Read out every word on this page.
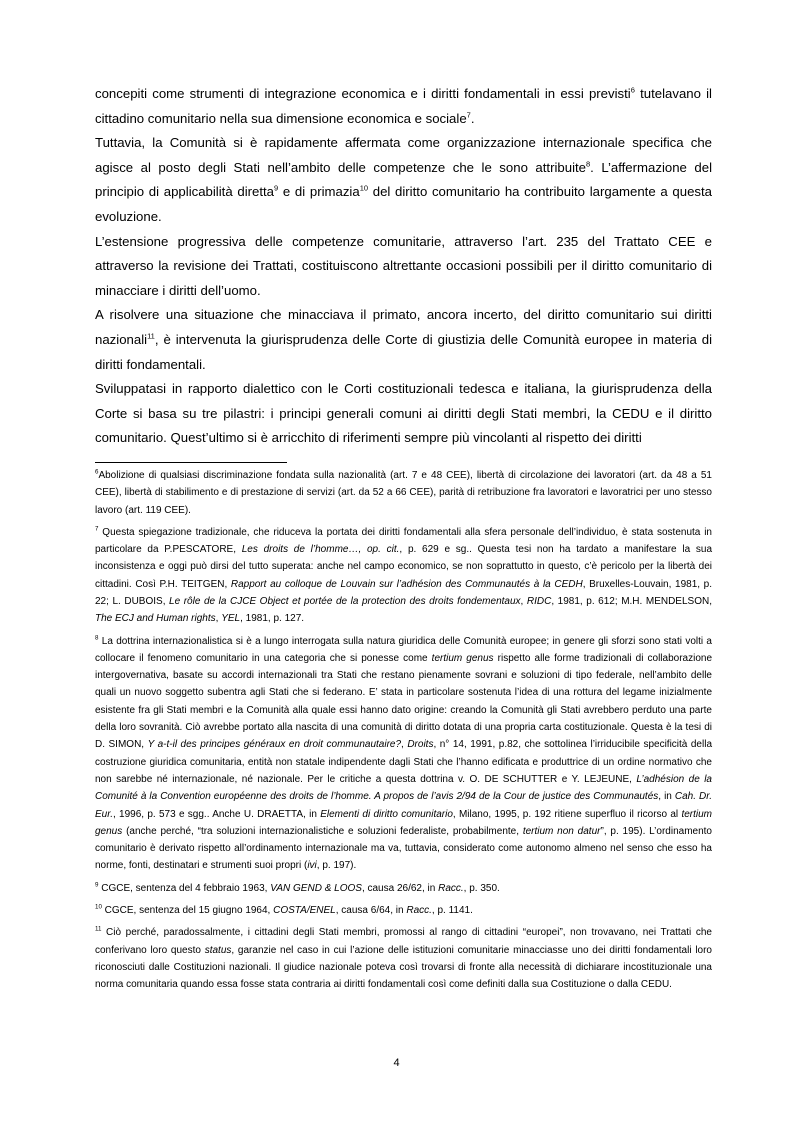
concepiti come strumenti di integrazione economica e i diritti fondamentali in essi previsti$^6$ tutelavano il cittadino comunitario nella sua dimensione economica e sociale$^7$.

Tuttavia, la Comunità si è rapidamente affermata come organizzazione internazionale specifica che agisce al posto degli Stati nell’ambito delle competenze che le sono attribuite$^8$. L’affermazione del principio di applicabilità diretta$^9$ e di primazia$^{10}$ del diritto comunitario ha contribuito largamente a questa evoluzione.

L’estensione progressiva delle competenze comunitarie, attraverso l’art. 235 del Trattato CEE e attraverso la revisione dei Trattati, costituiscono altrettante occasioni possibili per il diritto comunitario di minacciare i diritti dell’uomo.

A risolvere una situazione che minacciava il primato, ancora incerto, del diritto comunitario sui diritti nazionali$^{11}$, è intervenuta la giurisprudenza delle Corte di giustizia delle Comunità europee in materia di diritti fondamentali.

Sviluppatasi in rapporto dialettico con le Corti costituzionali tedesca e italiana, la giurisprudenza della Corte si basa su tre pilastri: i principi generali comuni ai diritti degli Stati membri, la CEDU e il diritto comunitario. Quest’ultimo si è arricchito di riferimenti sempre più vincolanti al rispetto dei diritti

$^6$Abolizione di qualsiasi discriminazione fondata sulla nazionalità (art. 7 e 48 CEE), libertà di circolazione dei lavoratori (art. da 48 a 51 CEE), libertà di stabilimento e di prestazione di servizi (art. da 52 a 66 CEE), parità di retribuzione fra lavoratori e lavoratrici per uno stesso lavoro (art. 119 CEE).

$^7$ Questa spiegazione tradizionale, che riduceva la portata dei diritti fondamentali alla sfera personale dell’individuo, è stata sostenuta in particolare da P.PESCATORE, Les droits de l’homme…, op. cit., p. 629 e sg.. Questa tesi non ha tardato a manifestare la sua inconsistenza e oggi può dirsi del tutto superata: anche nel campo economico, se non soprattutto in questo, c’è pericolo per la libertà dei cittadini. Così P.H. TEITGEN, Rapport au colloque de Louvain sur l’adhésion des Communautés à la CEDH, Bruxelles-Louvain, 1981, p. 22; L. DUBOIS, Le rôle de la CJCE Object et portée de la protection des droits fondementaux, RIDC, 1981, p. 612; M.H. MENDELSON, The ECJ and Human rights, YEL, 1981, p. 127.

$^8$ La dottrina internazionalistica si è a lungo interrogata sulla natura giuridica delle Comunità europee; in genere gli sforzi sono stati volti a collocare il fenomeno comunitario in una categoria che si ponesse come tertium genus rispetto alle forme tradizionali di collaborazione intergovernativa, basate su accordi internazionali tra Stati che restano pienamente sovrani e soluzioni di tipo federale, nell’ambito delle quali un nuovo soggetto subentra agli Stati che si federano. E’ stata in particolare sostenuta l’idea di una rottura del legame inizialmente esistente fra gli Stati membri e la Comunità alla quale essi hanno dato origine: creando la Comunità gli Stati avrebbero perduto una parte della loro sovranità. Ciò avrebbe portato alla nascita di una comunità di diritto dotata di una propria carta costituzionale. Questa è la tesi di D. SIMON, Y a-t-il des principes généraux en droit communautaire?, Droits, n° 14, 1991, p.82, che sottolinea l’irriducibile specificità della costruzione giuridica comunitaria, entità non statale indipendente dagli Stati che l’hanno edificata e produttrice di un ordine normativo che non sarebbe né internazionale, né nazionale. Per le critiche a questa dottrina v. O. DE SCHUTTER e Y. LEJEUNE, L’adhésion de la Comunité à la Convention européenne des droits de l’homme. A propos de l’avis 2/94 de la Cour de justice des Communautés, in Cah. Dr. Eur., 1996, p. 573 e sgg.. Anche U. DRAETTA, in Elementi di diritto comunitario, Milano, 1995, p. 192 ritiene superfluo il ricorso al tertium genus (anche perché, “tra soluzioni internazionalistiche e soluzioni federaliste, probabilmente, tertium non datur”, p. 195). L’ordinamento comunitario è derivato rispetto all’ordinamento internazionale ma va, tuttavia, considerato come autonomo almeno nel senso che esso ha norme, fonti, destinatari e strumenti suoi propri (ivi, p. 197).

$^9$ CGCE, sentenza del 4 febbraio 1963, VAN GEND & LOOS, causa 26/62, in Racc., p. 350.

$^{10}$ CGCE, sentenza del 15 giugno 1964, COSTA/ENEL, causa 6/64, in Racc., p. 1141.

$^{11}$ Ciò perché, paradossalmente, i cittadini degli Stati membri, promossi al rango di cittadini “europei”, non trovavano, nei Trattati che conferivano loro questo status, garanzie nel caso in cui l’azione delle istituzioni comunitarie minacciasse uno dei diritti fondamentali loro riconosciuti dalle Costituzioni nazionali. Il giudice nazionale poteva così trovarsi di fronte alla necessità di dichiarare incostituzionale una norma comunitaria quando essa fosse stata contraria ai diritti fondamentali così come definiti dalla sua Costituzione o dalla CEDU.

4
